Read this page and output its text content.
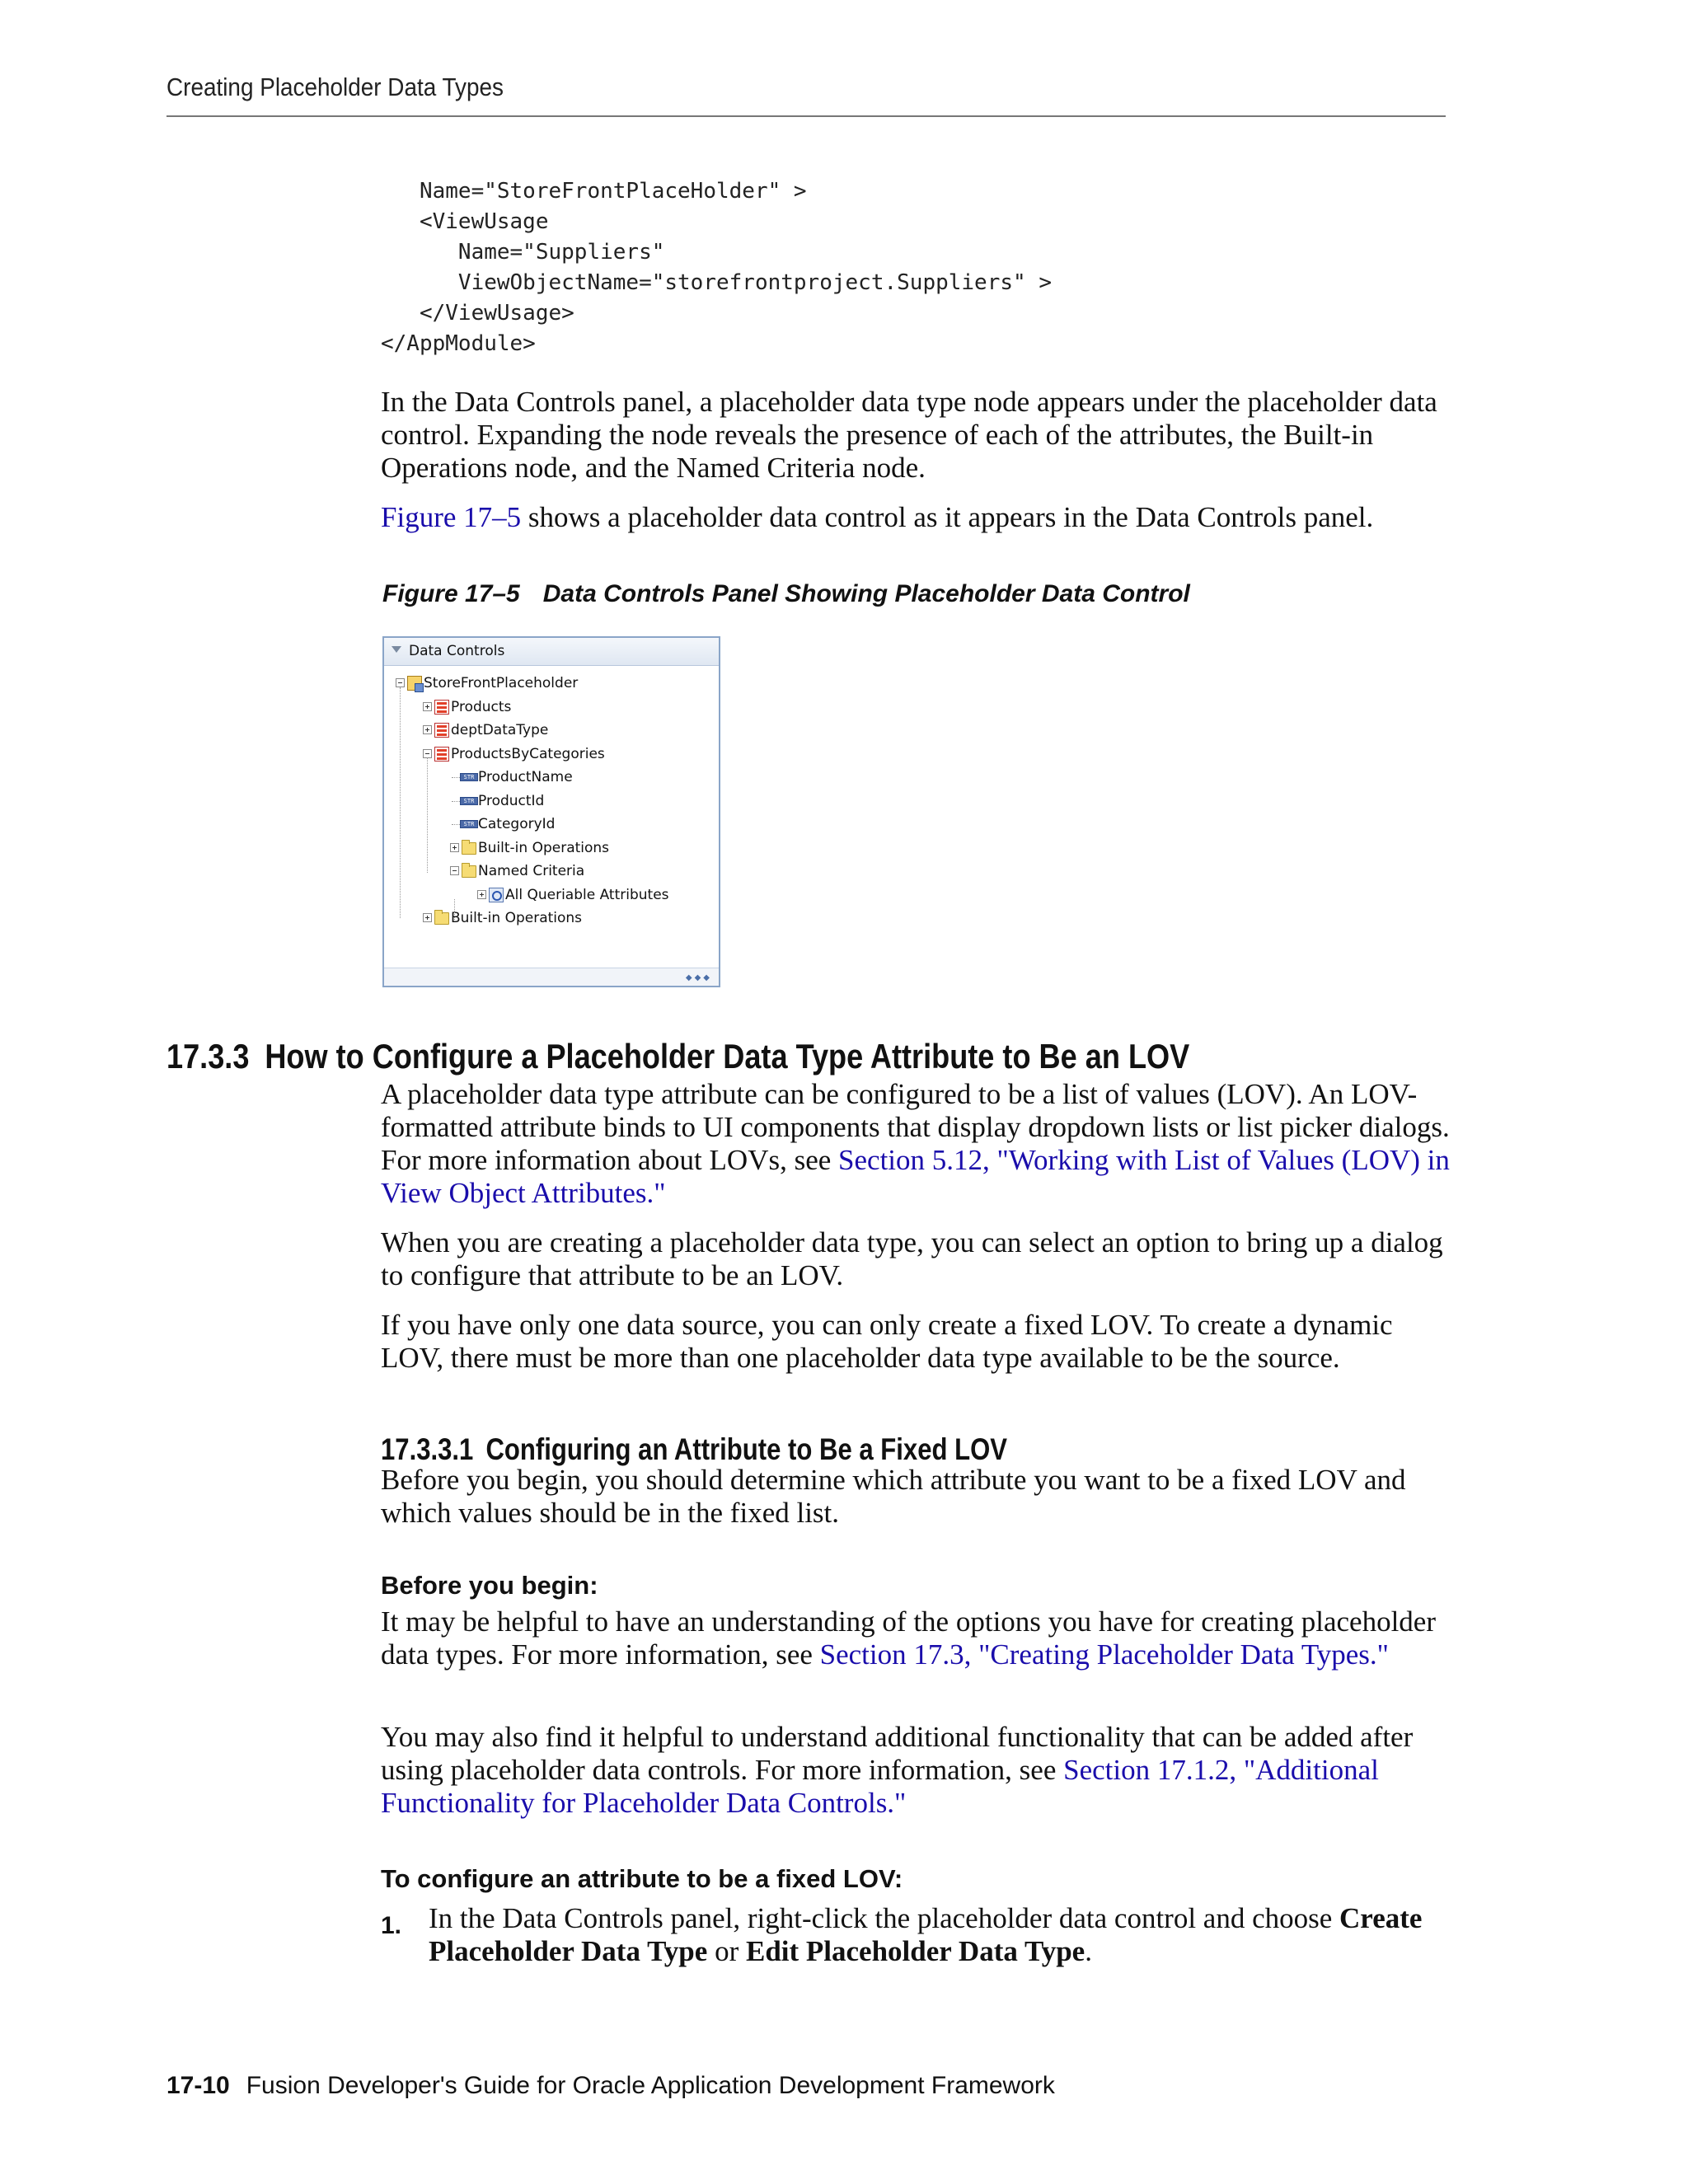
Creating Placeholder Data Types
Name="StoreFrontPlaceHolder" >
<ViewUsage
Name="Suppliers"
ViewObjectName="storefrontproject.Suppliers" >
</ViewUsage>
</AppModule>

In the Data Controls panel, a placeholder data type node appears under the placeholder data control. Expanding the node reveals the presence of each of the attributes, the Built-in Operations node, and the Named Criteria node.

Figure 17–5 shows a placeholder data control as it appears in the Data Controls panel.

Figure 17–5 Data Controls Panel Showing Placeholder Data Control
Data Controls
StoreFrontPlaceholder
Products
deptDataType
ProductsByCategories
STR ProductName
STR ProductId
STR CategoryId
Built-in Operations
Named Criteria
All Queriable Attributes
Built-in Operations
◆◆◆
17.3.3 How to Configure a Placeholder Data Type Attribute to Be an LOV

A placeholder data type attribute can be configured to be a list of values (LOV). An LOV-formatted attribute binds to UI components that display dropdown lists or list picker dialogs. For more information about LOVs, see Section 5.12, "Working with List of Values (LOV) in View Object Attributes."

When you are creating a placeholder data type, you can select an option to bring up a dialog to configure that attribute to be an LOV.

If you have only one data source, you can only create a fixed LOV. To create a dynamic LOV, there must be more than one placeholder data type available to be the source.

17.3.3.1 Configuring an Attribute to Be a Fixed LOV

Before you begin, you should determine which attribute you want to be a fixed LOV and which values should be in the fixed list.

Before you begin:

It may be helpful to have an understanding of the options you have for creating placeholder data types. For more information, see Section 17.3, "Creating Placeholder Data Types."

You may also find it helpful to understand additional functionality that can be added after using placeholder data controls. For more information, see Section 17.1.2, "Additional Functionality for Placeholder Data Controls."

To configure an attribute to be a fixed LOV:
1. In the Data Controls panel, right-click the placeholder data control and choose Create Placeholder Data Type or Edit Placeholder Data Type.

17-10 Fusion Developer's Guide for Oracle Application Development Framework
